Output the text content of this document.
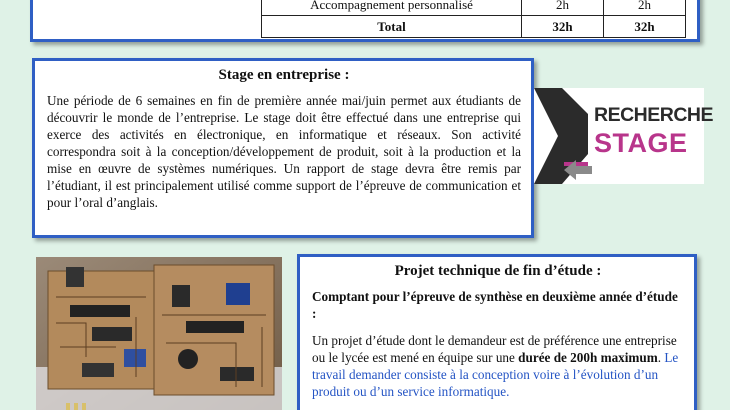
Accompagnement personnalisé	2h	2h
Total	32h	32h
Stage en entreprise :

Une période de 6 semaines en fin de première année mai/juin permet aux étudiants de découvrir le monde de l’entreprise. Le stage doit être effectué dans une entreprise qui exerce des activités en électronique, en informatique et réseaux. Son activité correspondra soit à la conception/développement de produit, soit à la production et la mise en œuvre de systèmes numériques. Un rapport de stage devra être remis par l’étudiant, il est principalement utilisé comme support de l’épreuve de communication et pour l’oral d’anglais.

RECHERCHE
STAGE
Projet technique de fin d’étude :
Comptant pour l’épreuve de synthèse en deuxième année d’étude :

Un projet d’étude dont le demandeur est de préférence une entreprise ou le lycée est mené en équipe sur une durée de 200h maximum. Le travail demander consiste à la conception voire à l’évolution d’un produit ou d’un service informatique.
